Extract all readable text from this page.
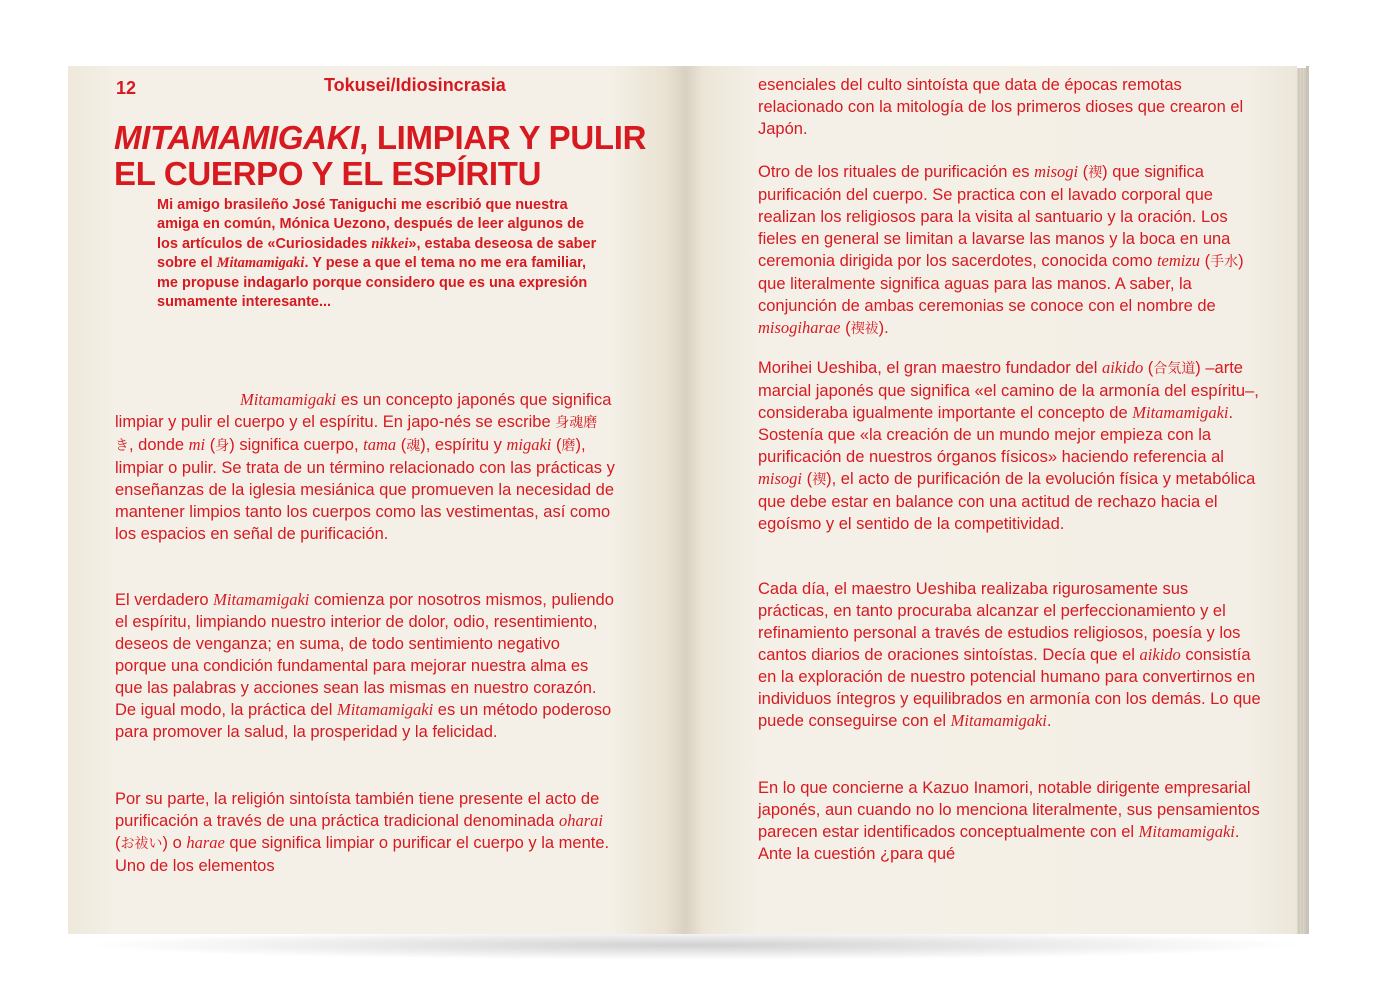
12	Tokusei/Idiosincrasia
MITAMAMIGAKI, LIMPIAR Y PULIR EL CUERPO Y EL ESPÍRITU

Mi amigo brasileño José Taniguchi me escribió que nuestra amiga en común, Mónica Uezono, después de leer algunos de los artículos de «Curiosidades nikkei», estaba deseosa de saber sobre el Mitamamigaki. Y pese a que el tema no me era familiar, me propuse indagarlo porque considero que es una expresión sumamente interesante...

Mitamamigaki es un concepto japonés que significa limpiar y pulir el cuerpo y el espíritu. En japo-nés se escribe 身魂磨き, donde mi (身) significa cuerpo, tama (魂), espíritu y migaki (磨), limpiar o pulir. Se trata de un término relacionado con las prácticas y enseñanzas de la iglesia mesiánica que promueven la necesidad de mantener limpios tanto los cuerpos como las vestimentas, así como los espacios en señal de purificación.

El verdadero Mitamamigaki comienza por nosotros mismos, puliendo el espíritu, limpiando nuestro interior de dolor, odio, resentimiento, deseos de venganza; en suma, de todo sentimiento negativo porque una condición fundamental para mejorar nuestra alma es que las palabras y acciones sean las mismas en nuestro corazón. De igual modo, la práctica del Mitamamigaki es un método poderoso para promover la salud, la prosperidad y la felicidad.

Por su parte, la religión sintoísta también tiene presente el acto de purificación a través de una práctica tradicional denominada oharai (お祓い) o harae que significa limpiar o purificar el cuerpo y la mente. Uno de los elementos

esenciales del culto sintoísta que data de épocas remotas relacionado con la mitología de los primeros dioses que crearon el Japón.

Otro de los rituales de purificación es misogi (禊) que significa purificación del cuerpo. Se practica con el lavado corporal que realizan los religiosos para la visita al santuario y la oración. Los fieles en general se limitan a lavarse las manos y la boca en una ceremonia dirigida por los sacerdotes, conocida como temizu (手水) que literalmente significa aguas para las manos. A saber, la conjunción de ambas ceremonias se conoce con el nombre de misogiharae (禊祓).

Morihei Ueshiba, el gran maestro fundador del aikido (合気道) –arte marcial japonés que significa «el camino de la armonía del espíritu–, consideraba igualmente importante el concepto de Mitamamigaki. Sostenía que «la creación de un mundo mejor empieza con la purificación de nuestros órganos físicos» haciendo referencia al misogi (禊), el acto de purificación de la evolución física y metabólica que debe estar en balance con una actitud de rechazo hacia el egoísmo y el sentido de la competitividad.

Cada día, el maestro Ueshiba realizaba rigurosamente sus prácticas, en tanto procuraba alcanzar el perfeccionamiento y el refinamiento personal a través de estudios religiosos, poesía y los cantos diarios de oraciones sintoístas. Decía que el aikido consistía en la exploración de nuestro potencial humano para convertirnos en individuos íntegros y equilibrados en armonía con los demás. Lo que puede conseguirse con el Mitamamigaki.

En lo que concierne a Kazuo Inamori, notable dirigente empresarial japonés, aun cuando no lo menciona literalmente, sus pensamientos parecen estar identificados conceptualmente con el Mitamamigaki. Ante la cuestión ¿para qué
